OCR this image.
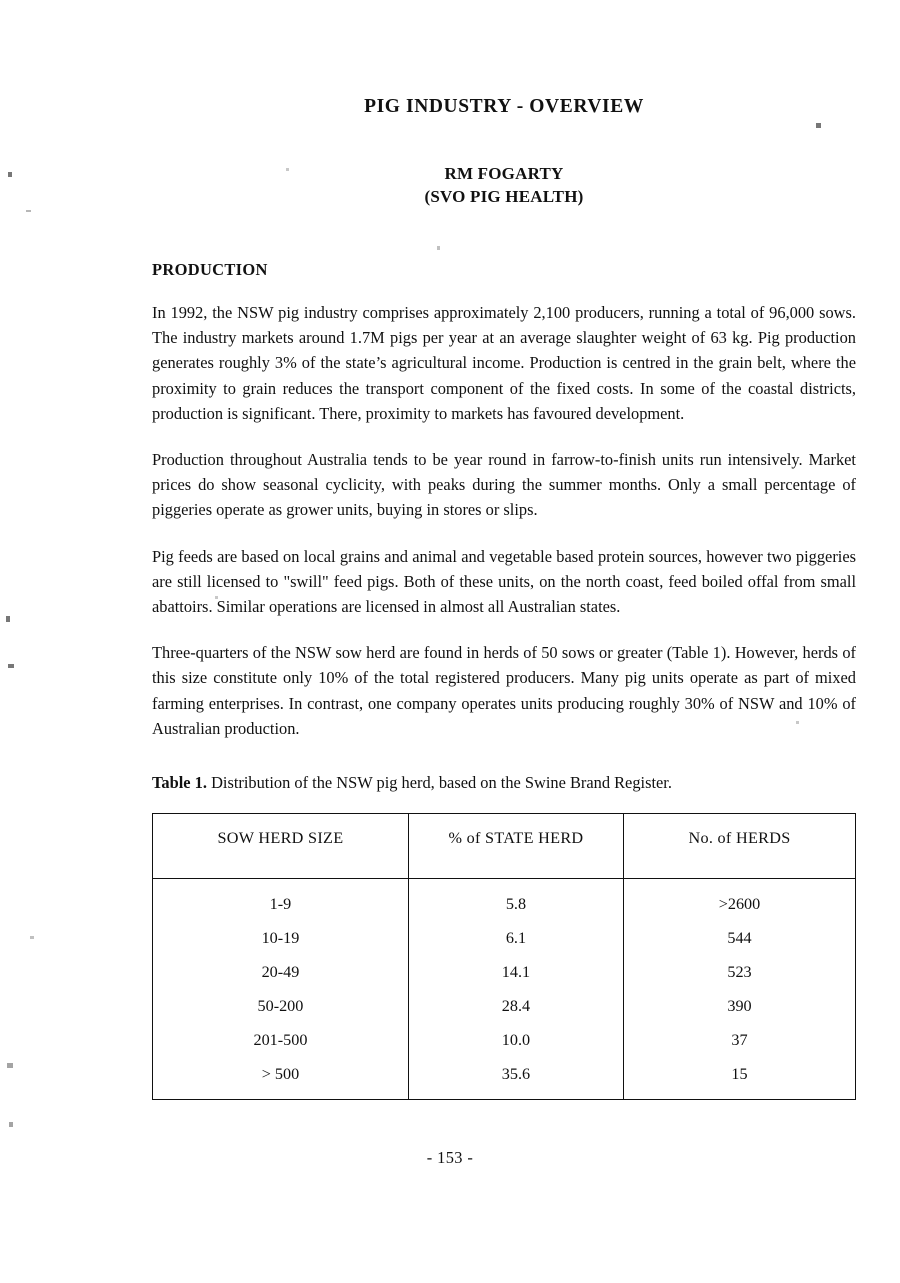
PIG INDUSTRY - OVERVIEW
RM FOGARTY
(SVO PIG HEALTH)
PRODUCTION

In 1992, the NSW pig industry comprises approximately 2,100 producers, running a total of 96,000 sows. The industry markets around 1.7M pigs per year at an average slaughter weight of 63 kg. Pig production generates roughly 3% of the state’s agricultural income. Production is centred in the grain belt, where the proximity to grain reduces the transport component of the fixed costs. In some of the coastal districts, production is significant. There, proximity to markets has favoured development.

Production throughout Australia tends to be year round in farrow-to-finish units run intensively. Market prices do show seasonal cyclicity, with peaks during the summer months. Only a small percentage of piggeries operate as grower units, buying in stores or slips.

Pig feeds are based on local grains and animal and vegetable based protein sources, however two piggeries are still licensed to "swill" feed pigs. Both of these units, on the north coast, feed boiled offal from small abattoirs. Similar operations are licensed in almost all Australian states.

Three-quarters of the NSW sow herd are found in herds of 50 sows or greater (Table 1). However, herds of this size constitute only 10% of the total registered producers. Many pig units operate as part of mixed farming enterprises. In contrast, one company operates units producing roughly 30% of NSW and 10% of Australian production.

Table 1. Distribution of the NSW pig herd, based on the Swine Brand Register.
SOW HERD SIZE	% of STATE HERD	No. of HERDS
1-9	5.8	>2600
10-19	6.1	544
20-49	14.1	523
50-200	28.4	390
201-500	10.0	37
> 500	35.6	15
- 153 -
